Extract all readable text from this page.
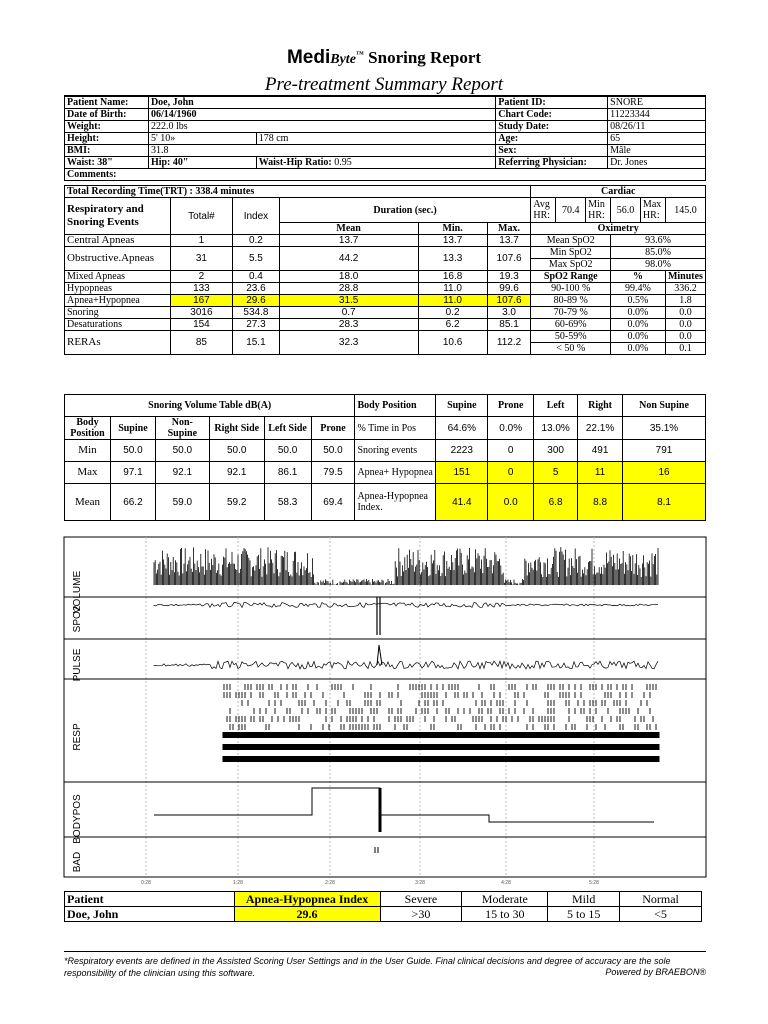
MediByte™ Snoring Report
Pre-treatment Summary Report
Patient Name:	Doe, John		Patient ID:	SNORE
Date of Birth:	06/14/1960		Chart Code:	11223344
Weight:	222.0 lbs		Study Date:	08/26/11
Height:	5' 10»	178 cm	Age:	65
BMI:	31.8		Sex:	Mâle
Waist: 38"	Hip: 40"	Waist-Hip Ratio: 0.95	Referring Physician:	Dr. Jones
Comments:				
Total Recording Time(TRT) : 338.4 minutes						Cardiac					
Respiratory and Snoring Events	Total#	Index	Duration (sec.)			Avg HR:	70.4	Min HR:	56.0	Max HR:	145.0
			Mean	Min.	Max.	Oximetry					
Central Apneas	1	0.2	13.7	13.7	13.7						
						Mean SpO2			93.6%		
Obstructive.Apneas	31	5.5	44.2	13.3	107.6	Min SpO2			85.0%		
						Max SpO2			98.0%		
Mixed Apneas	2	0.4	18.0	16.8	19.3	SpO2 Range			%		Minutes
Hypopneas	133	23.6	28.8	11.0	99.6	90-100 %			99.4%		336.2
Apnea+Hypopnea	167	29.6	31.5	11.0	107.6	80-89 %			0.5%		1.8
Snoring	3016	534.8	0.7	0.2	3.0	70-79 %			0.0%		0.0
Desaturations	154	27.3	28.3	6.2	85.1	60-69%			0.0%		0.0
RERAs	85	15.1	32.3	10.6	112.2	50-59%			0.0%		0.0
						< 50 %			0.0%		0.1
Snoring Volume Table dB(A)						Body Position	Supine	Prone	Left	Right	Non Supine
Body Position	Supine	Non-Supine	Right Side	Left Side	Prone	% Time in Pos	64.6%	0.0%	13.0%	22.1%	35.1%
Min	50.0	50.0	50.0	50.0	50.0	Snoring events	2223	0	300	491	791
Max	97.1	92.1	92.1	86.1	79.5	Apnea+ Hypopnea	151	0	5	11	16
Mean	66.2	59.0	59.2	58.3	69.4	Apnea-Hypopnea Index.	41.4	0.0	6.8	8.8	8.1
VOLUME
SPO2
PULSE
RESP
BODYPOS
BAD
0:28	1:28	2:28	3:28	4:28	5:28
Patient	Apnea-Hypopnea Index	Severe	Moderate	Mild	Normal
Doe, John	29.6	>30	15 to 30	5 to 15	<5
*Respiratory events are defined in the Assisted Scoring User Settings and in the User Guide. Final clinical decisions and degree of accuracy are the sole responsibility of the clinician using this software.	Powered by BRAEBON®
